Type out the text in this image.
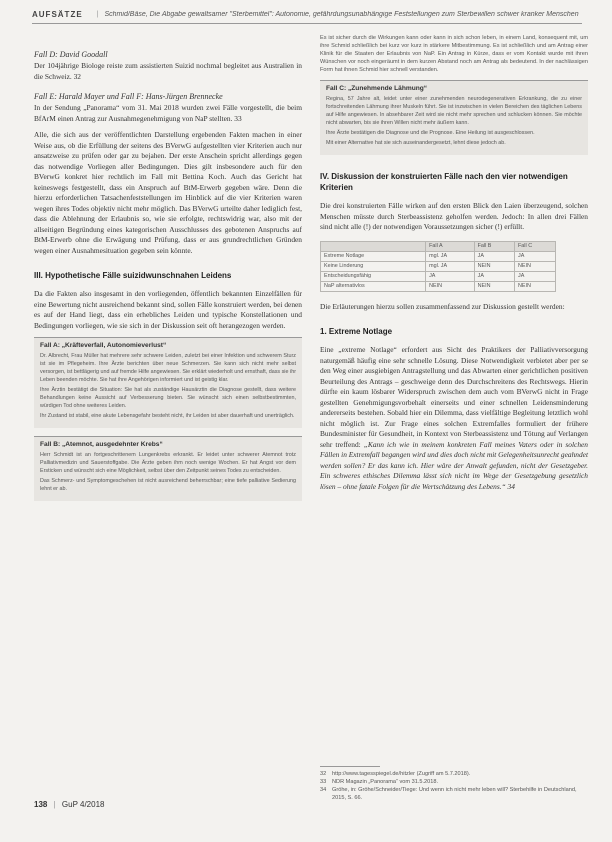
AUFSÄTZE | Schmid/Bäse, Die Abgabe gewaltsamer "Sterbemittel": Autonomie, gefährdungsunabhängige Feststellungen zum Sterbewillen schwer kranker Menschen
Fall D: David Goodall

Der 104jährige Biologe reiste zum assistierten Suizid nochmal begleitet aus Australien in die Schweiz. 32

Fall E: Harald Mayer und Fall F: Hans-Jürgen Brennecke

In der Sendung „Panorama“ vom 31. Mai 2018 wurden zwei Fälle vorgestellt, die beim BfArM einen Antrag zur Ausnahmegenehmigung von NaP stellten. 33

Alle, die sich aus der veröffentlichten Darstellung ergebenden Fakten machen in einer Weise aus, ob die Erfüllung der seitens des BVerwG aufgestellten vier Kriterien auch nur ansatzweise zu prüfen oder gar zu bejahen. Der erste Anschein spricht allerdings gegen das notwendige Vorliegen aller Bedingungen. Dies gilt insbesondere auch für den BVerwG konkret hier rechtlich im Fall mit Bettina Koch. Auch das Gericht hat keineswegs festgestellt, dass ein Anspruch auf BtM-Erwerb gegeben wäre. Denn die hierzu erforderlichen Tatsachenfeststellungen im Hinblick auf die vier Kriterien waren wegen ihres Todes objektiv nicht mehr möglich. Das BVerwG urteilte daher lediglich fest, dass die Ablehnung der Erlaubnis so, wie sie erfolgte, rechtswidrig war, also mit der allseitigen Begründung eines kategorischen Ausschlusses des gebotenen Anspruchs auf BtM-Erwerb ohne die Erwägung und Prüfung, dass er aus grundrechtlichen Gründen wegen einer Ausnahmesituation gegeben sein könnte.

III. Hypothetische Fälle suizidwunschnahen Leidens

Da die Fakten also insgesamt in den vorliegenden, öffentlich bekannten Einzelfällen für eine Bewertung nicht ausreichend bekannt sind, sollen Fälle konstruiert werden, bei denen es auf der Hand liegt, dass ein erhebliches Leiden und typische Konstellationen und Bedingungen vorliegen, wie sie sich in der Diskussion seit oft herangezogen werden.

Fall A: „Kräfteverfall, Autonomieverlust“

Dr. Albrecht, Frau Müller hat mehrere sehr schwere Leiden, zuletzt bei einer Infektion und schwerem Sturz ist sie im Pflegeheim. Ihre Ärzte berichten über neue Schmerzen. Sie kann sich nicht mehr selbst versorgen, ist bettlägerig und auf fremde Hilfe angewiesen. Sie erklärt wiederholt und ernsthaft, dass sie ihr Leben beenden möchte. Sie hat ihre Angehörigen informiert und ist geistig klar.

Ihre Ärztin bestätigt die Situation: Sie hat als zuständige Hausärztin die Diagnose gestellt, dass weitere Behandlungen keine Aussicht auf Verbesserung bieten. Sie wünscht sich einen selbstbestimmten, würdigen Tod ohne weiteres Leiden.

Ihr Zustand ist stabil, eine akute Lebensgefahr besteht nicht, ihr Leiden ist aber dauerhaft und unerträglich.

Fall B: „Atemnot, ausgedehnter Krebs“

Herr Schmidt ist an fortgeschrittenem Lungenkrebs erkrankt. Er leidet unter schwerer Atemnot trotz Palliativmedizin und Sauerstoffgabe. Die Ärzte geben ihm noch wenige Wochen. Er hat Angst vor dem Ersticken und wünscht sich eine Möglichkeit, selbst über den Zeitpunkt seines Todes zu entscheiden.

Das Schmerz- und Symptomgeschehen ist nicht ausreichend beherrschbar; eine tiefe palliative Sedierung lehnt er ab.

Es ist sicher durch die Wirkungen kann oder kann in sich schon leben, in einem Land, konsequent mit, um ihre Schmid schließlich bei kurz vor kurz in stärkere Mitbestimmung. Es ist schließlich und am Antrag einer Klinik für die Staaten der Erlaubnis von NaP. Ein Antrag in Kürze, dass er vom Kontakt wurde mit ihren Wünschen vor noch eingeräumt in dem kurzen Abstand noch am Antrag als bedeutend. In der nachlässigen Form hat ihnen Schmid hier schnell verstanden.

Fall C: „Zunehmende Lähmung“

Regina, 57 Jahre alt, leidet unter einer zunehmenden neurodegenerativen Erkrankung, die zu einer fortschreitenden Lähmung ihrer Muskeln führt. Sie ist inzwischen in vielen Bereichen des täglichen Lebens auf Hilfe angewiesen. In absehbarer Zeit wird sie nicht mehr sprechen und schlucken können. Sie möchte nicht abwarten, bis sie ihren Willen nicht mehr äußern kann.

Ihre Ärzte bestätigen die Diagnose und die Prognose. Eine Heilung ist ausgeschlossen.

Mit einer Alternative hat sie sich auseinandergesetzt, lehnt diese jedoch ab.

IV. Diskussion der konstruierten Fälle nach den vier notwendigen Kriterien

Die drei konstruierten Fälle wirken auf den ersten Blick den Laien überzeugend, solchen Menschen müsste durch Sterbeassistenz geholfen werden. Jedoch: In allen drei Fällen sind nicht alle (!) der notwendigen Voraussetzungen sicher (!) erfüllt.

	Fall A	Fall B	Fall C
Extreme Notlage	mgl. JA	JA	JA
Keine Linderung	mgl. JA	NEIN	NEIN
Entscheidungsfähig	JA	JA	JA
NaP alternativlos	NEIN	NEIN	NEIN

Die Erläuterungen hierzu sollen zusammenfassend zur Diskussion gestellt werden:

1. Extreme Notlage

Eine „extreme Notlage“ erfordert aus Sicht des Praktikers der Palliativversorgung naturgemäß häufig eine sehr schnelle Lösung. Diese Notwendigkeit verbietet aber per se den Weg einer ausgiebigen Antragstellung und das Abwarten einer gerichtlichen positiven Beurteilung des Antrags – geschweige denn des Durchschreitens des Rechtswegs. Hierin dürfte ein kaum lösbarer Widerspruch zwischen dem auch vom BVerwG nicht in Frage gestellten Genehmigungsvorbehalt einerseits und einer schnellen Leidensminderung andererseits bestehen. Sobald hier ein Dilemma, dass vielfältige Begleitung letztlich wohl nicht möglich ist. Zur Frage eines solchen Extremfalles formuliert der frühere Bundesminister für Gesundheit, in Kontext von Sterbeassistenz und Tötung auf Verlangen sehr treffend: „Kann ich wie in meinem konkreten Fall meines Vaters oder in solchen Fällen in Extremfall begangen wird und dies doch nicht mit Gelegenheitsunrecht geahndet werden sollen? Er das kann ich. Hier wäre der Anwalt gefunden, nicht der Gesetzgeber. Ein schweres ethisches Dilemma lässt sich nicht im Wege der Gesetzgebung gesetzlich lösen – ohne fatale Folgen für die Wertschätzung des Lebens.“ 34

32	http://www.tagesspiegel.de/hitzler (Zugriff am 5.7.2018).
33	NDR Magazin „Panorama“ vom 31.5.2018.
34	Gröhe, in: Gröhe/Schneider/Tiege: Und wenn ich nicht mehr leben will? Sterbehilfe in Deutschland, 2015, S. 66.
138 | GuP 4/2018
